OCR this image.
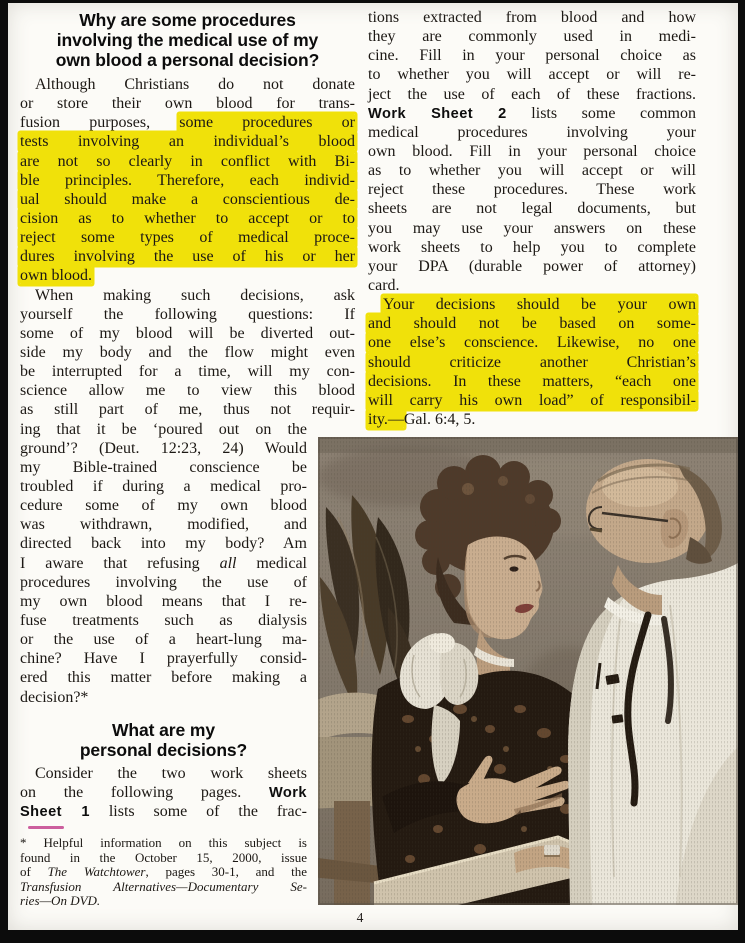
Why are some procedures
involving the medical use of my
own blood a personal decision?
Although Christians do not donate
or store their own blood for trans-
fusion purposes, some procedures or
tests involving an individual’s blood
are not so clearly in conflict with Bi-
ble principles. Therefore, each individ-
ual should make a conscientious de-
cision as to whether to accept or to
reject some types of medical proce-
dures involving the use of his or her
own blood.
When making such decisions, ask
yourself the following questions: If
some of my blood will be diverted out-
side my body and the flow might even
be interrupted for a time, will my con-
science allow me to view this blood
as still part of me, thus not requir-
ing that it be ‘poured out on the
ground’? (Deut. 12:23, 24) Would
my Bible-trained conscience be
troubled if during a medical pro-
cedure some of my own blood
was withdrawn, modified, and
directed back into my body? Am
I aware that refusing all medical
procedures involving the use of
my own blood means that I re-
fuse treatments such as dialysis
or the use of a heart-lung ma-
chine? Have I prayerfully consid-
ered this matter before making a
decision?*
What are my
personal decisions?
Consider the two work sheets
on the following pages. Work
Sheet 1 lists some of the frac-
* Helpful information on this subject is
found in the October 15, 2000, issue
of The Watchtower, pages 30-1, and the
Transfusion Alternatives—Documentary Se-
ries—On DVD.
tions extracted from blood and how
they are commonly used in medi-
cine. Fill in your personal choice as
to whether you will accept or will re-
ject the use of each of these fractions.
Work Sheet 2 lists some common
medical procedures involving your
own blood. Fill in your personal choice
as to whether you will accept or will
reject these procedures. These work
sheets are not legal documents, but
you may use your answers on these
work sheets to help you to complete
your DPA (durable power of attorney)
card.
Your decisions should be your own
and should not be based on some-
one else’s conscience. Likewise, no one
should criticize another Christian’s
decisions. In these matters, “each one
will carry his own load” of responsibil-
ity.—Gal. 6:4, 5.
4
